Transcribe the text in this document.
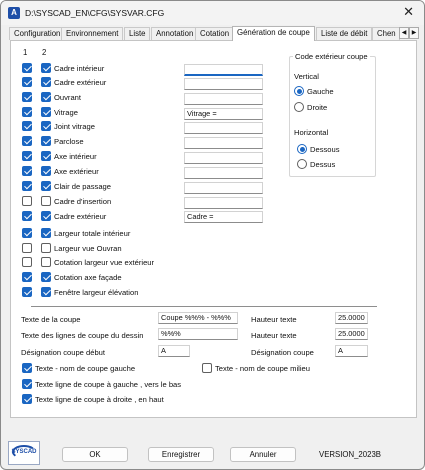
A D:\SYSCAD_EN\CFG\SYSVAR.CFG	✕
Configuration Environnement	Liste	Annotation Cotation	Génération de coupe	Liste de débit	Chen	◀ ▶
1 2
Cadre intérieur
Cadre extérieur
Ouvrant
Vitrage	Vitrage =
Joint vitrage
Parclose
Axe intérieur
Axe extérieur
Clair de passage
Cadre d'insertion
Cadre extérieur	Cadre =
Largeur totale intérieur
Largeur vue Ouvran
Cotation largeur vue extérieur
Cotation axe façade
Fenêtre largeur élévation
Code extérieur coupe
Vertical
Gauche
Droite
Horizontal
Dessous
Dessus
Texte de la coupe	Coupe %%% - %%%	Hauteur texte	25.0000
Texte des lignes de coupe du dessin	%%%	Hauteur texte	25.0000
Désignation coupe début	A	Désignation coupe	A
Texte - nom de coupe gauche	Texte - nom de coupe milieu
Texte ligne de coupe à gauche , vers le bas
Texte ligne de coupe à droite , en haut
SYSCAD	OK	Enregistrer	Annuler	VERSION_2023B
